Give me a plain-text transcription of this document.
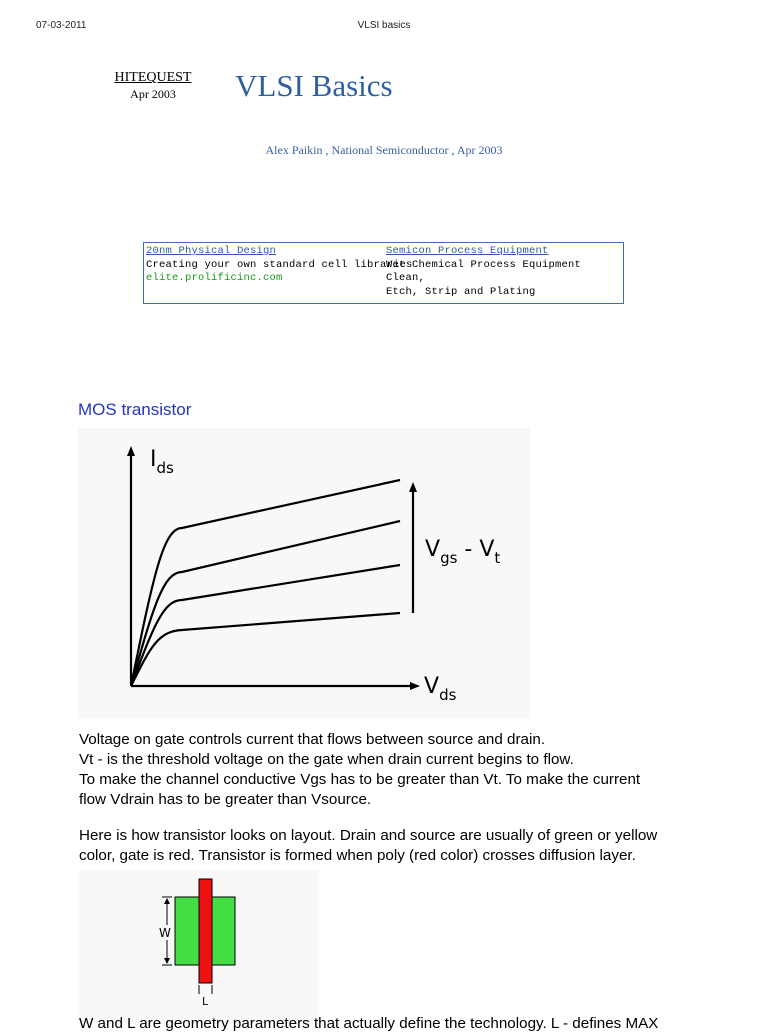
07-03-2011	VLSI basics
HITEQUEST
Apr 2003	VLSI Basics
Alex Paikin , National Semiconductor , Apr 2003
20nm Physical Design
Creating your own standard cell libraries
elite.prolificinc.com
Semicon Process Equipment
Wet Chemical Process Equipment Clean,
Etch, Strip and Plating
MOS transistor
$I_{ds}$
$V_{ds}$
$V_{gs} - V_t$

Voltage on gate controls current that flows between source and drain.

Vt - is the threshold voltage on the gate when drain current begins to flow.

To make the channel conductive Vgs has to be greater than Vt. To make the current

flow Vdrain has to be greater than Vsource.

Here is how transistor looks on layout. Drain and source are usually of green or yellow

color, gate is red. Transistor is formed when poly (red color) crosses diffusion layer.

W
L
W and L are geometry parameters that actually define the technology. L - defines MAX
